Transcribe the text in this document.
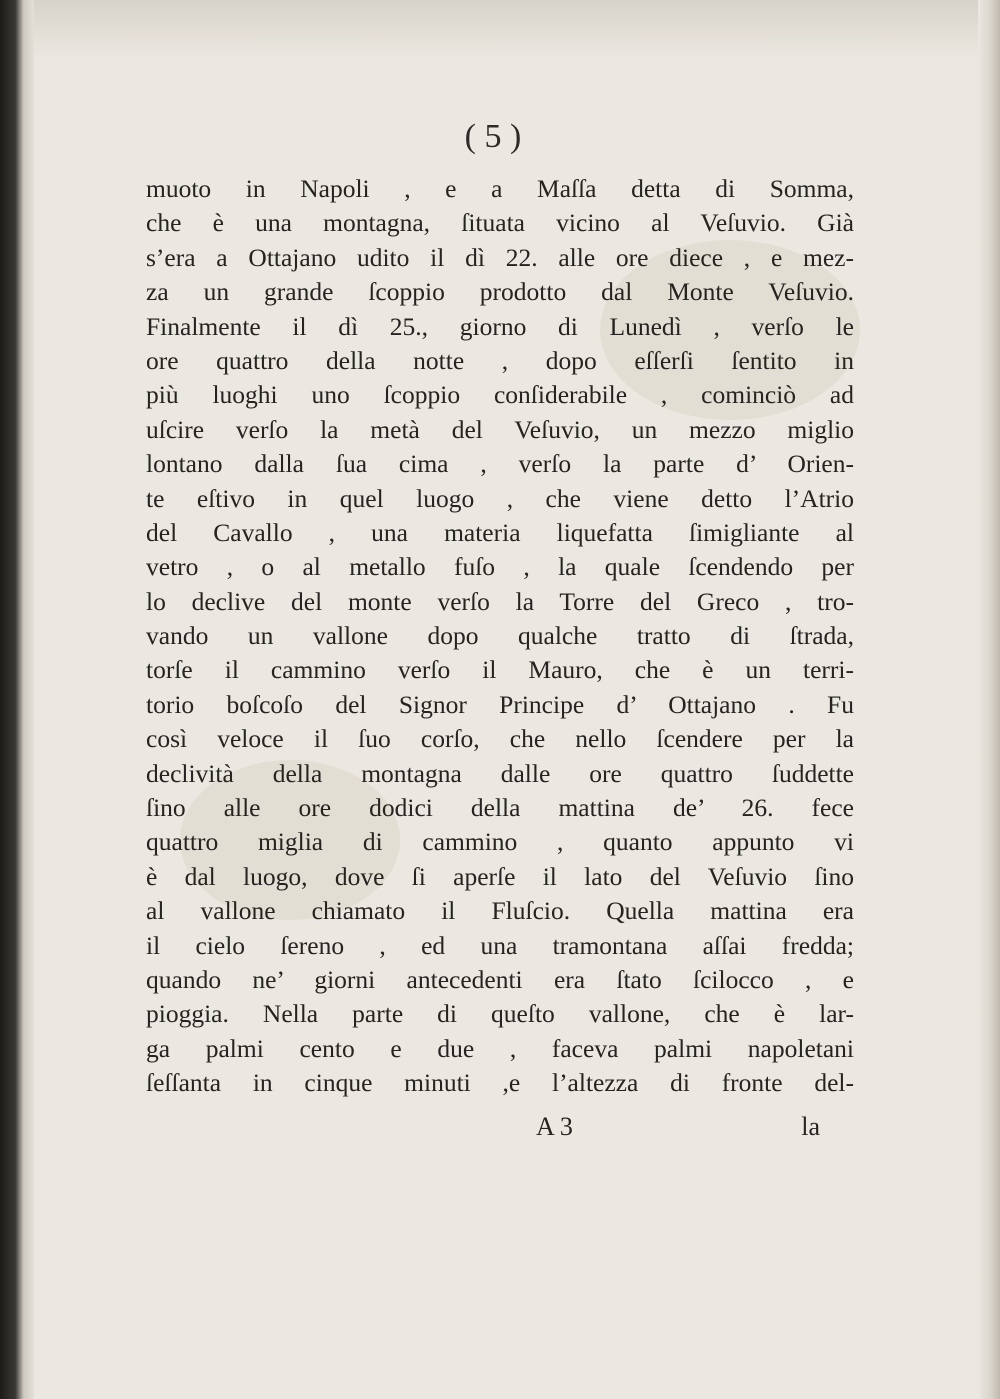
( 5 )
muoto in Napoli , e a Maſſa detta di Somma,
che è una montagna, ſituata vicino al Veſuvio. Già
s’era a Ottajano udito il dì 22. alle ore diece , e mez-
za un grande ſcoppio prodotto dal Monte Veſuvio.
Finalmente il dì 25., giorno di Lunedì , verſo le
ore quattro della notte , dopo eſſerſi ſentito in
più luoghi uno ſcoppio conſiderabile , cominciò ad
uſcire verſo la metà del Veſuvio, un mezzo miglio
lontano dalla ſua cima , verſo la parte d’ Orien-
te eſtivo in quel luogo , che viene detto l’Atrio
del Cavallo , una materia liquefatta ſimigliante al
vetro , o al metallo fuſo , la quale ſcendendo per
lo declive del monte verſo la Torre del Greco , tro-
vando un vallone dopo qualche tratto di ſtrada,
torſe il cammino verſo il Mauro, che è un terri-
torio boſcoſo del Signor Principe d’ Ottajano . Fu
così veloce il ſuo corſo, che nello ſcendere per la
declività della montagna dalle ore quattro ſuddette
ſino alle ore dodici della mattina de’ 26. fece
quattro miglia di cammino , quanto appunto vi
è dal luogo, dove ſi aperſe il lato del Veſuvio ſino
al vallone chiamato il Fluſcio. Quella mattina era
il cielo ſereno , ed una tramontana aſſai fredda;
quando ne’ giorni antecedenti era ſtato ſcilocco , e
pioggia. Nella parte di queſto vallone, che è lar-
ga palmi cento e due , faceva palmi napoletani
ſeſſanta in cinque minuti ,e l’altezza di fronte del-
A 3	la
